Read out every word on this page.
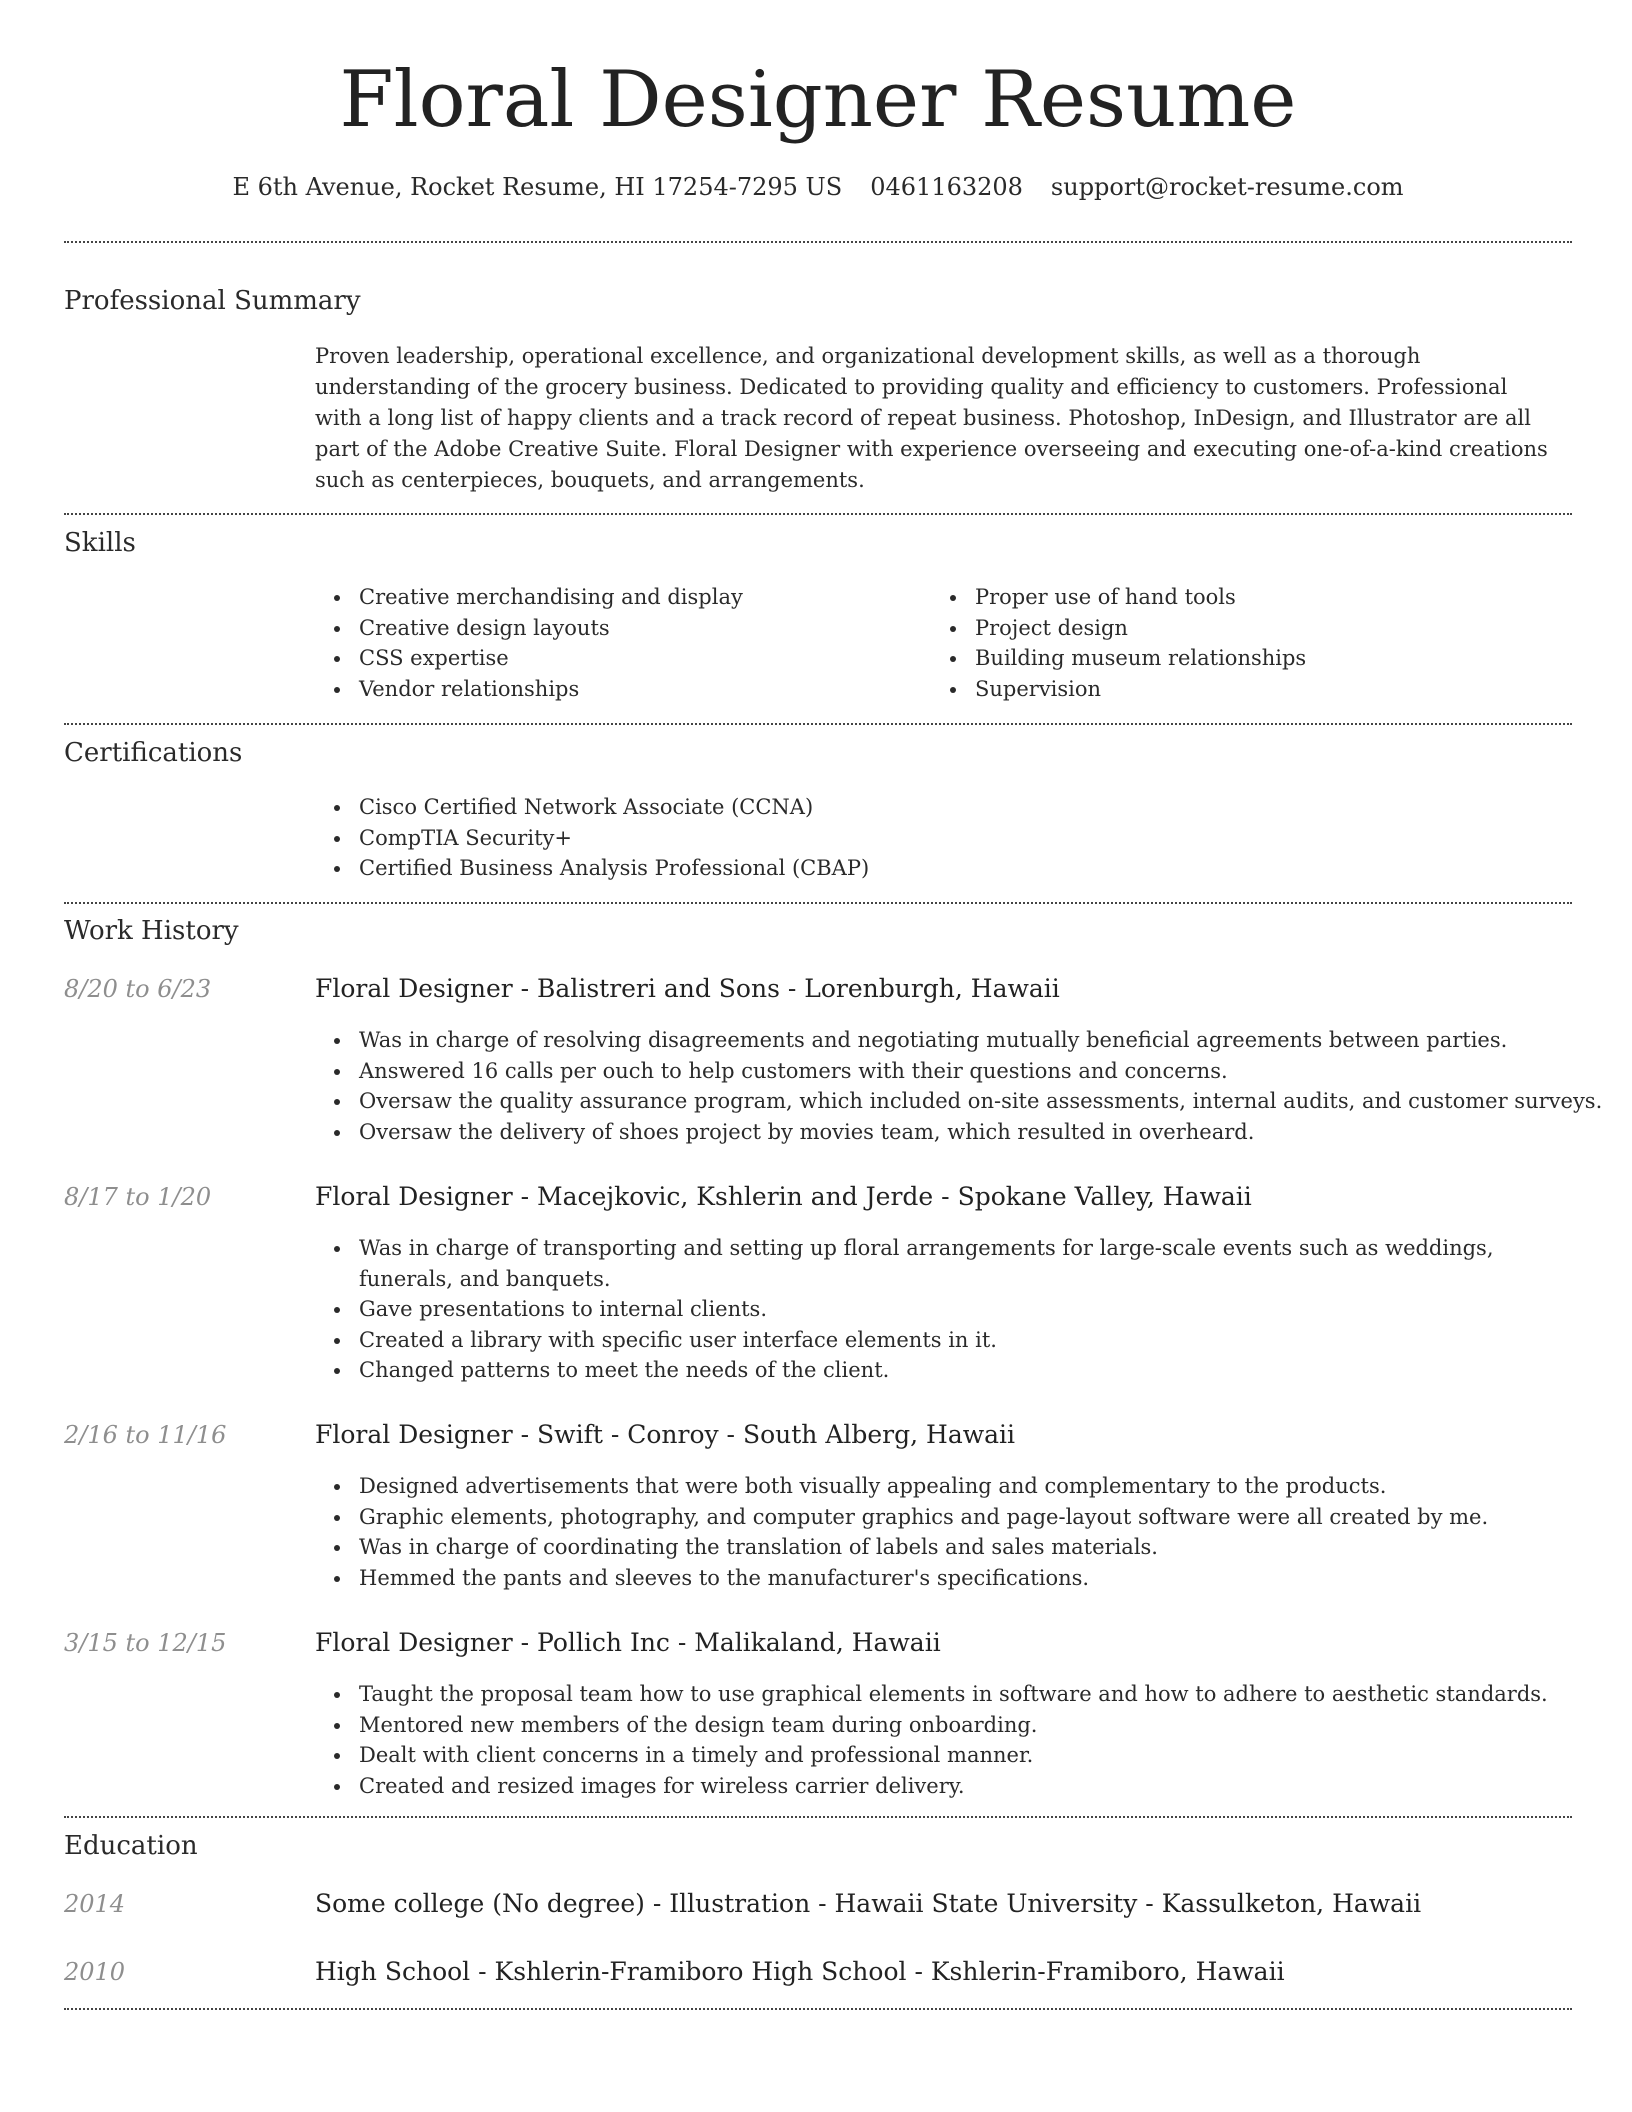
Floral Designer Resume
E 6th Avenue, Rocket Resume, HI 17254-7295 US 0461163208 support@rocket-resume.com
Professional Summary
Proven leadership, operational excellence, and organizational development skills, as well as a thorough understanding of the grocery business. Dedicated to providing quality and efficiency to customers. Professional with a long list of happy clients and a track record of repeat business. Photoshop, InDesign, and Illustrator are all part of the Adobe Creative Suite. Floral Designer with experience overseeing and executing one-of-a-kind creations such as centerpieces, bouquets, and arrangements.
Skills
Creative merchandising and display
Creative design layouts
CSS expertise
Vendor relationships
Proper use of hand tools
Project design
Building museum relationships
Supervision
Certifications
Cisco Certified Network Associate (CCNA)
CompTIA Security+
Certified Business Analysis Professional (CBAP)
Work History
8/20 to 6/23	Floral Designer - Balistreri and Sons - Lorenburgh, Hawaii
Was in charge of resolving disagreements and negotiating mutually beneficial agreements between parties.
Answered 16 calls per ouch to help customers with their questions and concerns.
Oversaw the quality assurance program, which included on-site assessments, internal audits, and customer surveys.
Oversaw the delivery of shoes project by movies team, which resulted in overheard.
8/17 to 1/20	Floral Designer - Macejkovic, Kshlerin and Jerde - Spokane Valley, Hawaii
Was in charge of transporting and setting up floral arrangements for large-scale events such as weddings, funerals, and banquets.
Gave presentations to internal clients.
Created a library with specific user interface elements in it.
Changed patterns to meet the needs of the client.
2/16 to 11/16	Floral Designer - Swift - Conroy - South Alberg, Hawaii
Designed advertisements that were both visually appealing and complementary to the products.
Graphic elements, photography, and computer graphics and page-layout software were all created by me.
Was in charge of coordinating the translation of labels and sales materials.
Hemmed the pants and sleeves to the manufacturer's specifications.
3/15 to 12/15	Floral Designer - Pollich Inc - Malikaland, Hawaii
Taught the proposal team how to use graphical elements in software and how to adhere to aesthetic standards.
Mentored new members of the design team during onboarding.
Dealt with client concerns in a timely and professional manner.
Created and resized images for wireless carrier delivery.
Education
2014	Some college (No degree) - Illustration - Hawaii State University - Kassulketon, Hawaii
2010	High School - Kshlerin-Framiboro High School - Kshlerin-Framiboro, Hawaii
